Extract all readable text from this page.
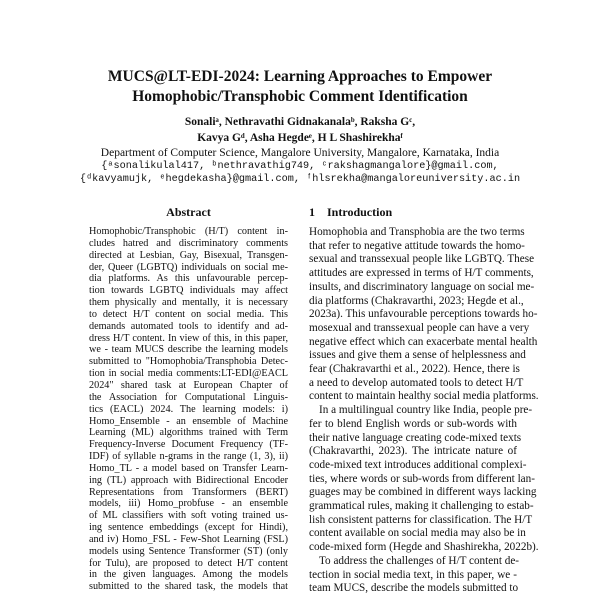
MUCS@LT-EDI-2024: Learning Approaches to Empower
Homophobic/Transphobic Comment Identification
Sonaliᵃ, Nethravathi Gidnakanalaᵇ, Raksha Gᶜ,
Kavya Gᵈ, Asha Hegdeᵉ, H L Shashirekhaᶠ
Department of Computer Science, Mangalore University, Mangalore, Karnataka, India
{ᵃsonalikulal417, ᵇnethravathig749, ᶜrakshagmangalore}@gmail.com,
{ᵈkavyamujk, ᵉhegdekasha}@gmail.com, ᶠhlsrekha@mangaloreuniversity.ac.in
Abstract
Homophobic/Transphobic (H/T) content in-
cludes hatred and discriminatory comments
directed at Lesbian, Gay, Bisexual, Transgen-
der, Queer (LGBTQ) individuals on social me-
dia platforms. As this unfavourable percep-
tion towards LGBTQ individuals may affect
them physically and mentally, it is necessary
to detect H/T content on social media. This
demands automated tools to identify and ad-
dress H/T content. In view of this, in this paper,
we - team MUCS describe the learning models
submitted to "Homophobia/Transphobia Detec-
tion in social media comments:LT-EDI@EACL
2024" shared task at European Chapter of
the Association for Computational Linguis-
tics (EACL) 2024. The learning models: i)
Homo_Ensemble - an ensemble of Machine
Learning (ML) algorithms trained with Term
Frequency-Inverse Document Frequency (TF-
IDF) of syllable n-grams in the range (1, 3), ii)
Homo_TL - a model based on Transfer Learn-
ing (TL) approach with Bidirectional Encoder
Representations from Transformers (BERT)
models, iii) Homo_probfuse - an ensemble
of ML classifiers with soft voting trained us-
ing sentence embeddings (except for Hindi),
and iv) Homo_FSL - Few-Shot Learning (FSL)
models using Sentence Transformer (ST) (only
for Tulu), are proposed to detect H/T content
in the given languages. Among the models
submitted to the shared task, the models that
1 Introduction
Homophobia and Transphobia are the two terms
that refer to negative attitude towards the homo-
sexual and transsexual people like LGBTQ. These
attitudes are expressed in terms of H/T comments,
insults, and discriminatory language on social me-
dia platforms (Chakravarthi, 2023; Hegde et al.,
2023a). This unfavourable perceptions towards ho-
mosexual and transsexual people can have a very
negative effect which can exacerbate mental health
issues and give them a sense of helplessness and
fear (Chakravarthi et al., 2022). Hence, there is
a need to develop automated tools to detect H/T
content to maintain healthy social media platforms.
In a multilingual country like India, people pre-
fer to blend English words or sub-words with
their native language creating code-mixed texts
(Chakravarthi, 2023). The intricate nature of
code-mixed text introduces additional complexi-
ties, where words or sub-words from different lan-
guages may be combined in different ways lacking
grammatical rules, making it challenging to estab-
lish consistent patterns for classification. The H/T
content available on social media may also be in
code-mixed form (Hegde and Shashirekha, 2022b).
To address the challenges of H/T content de-
tection in social media text, in this paper, we -
team MUCS, describe the models submitted to
